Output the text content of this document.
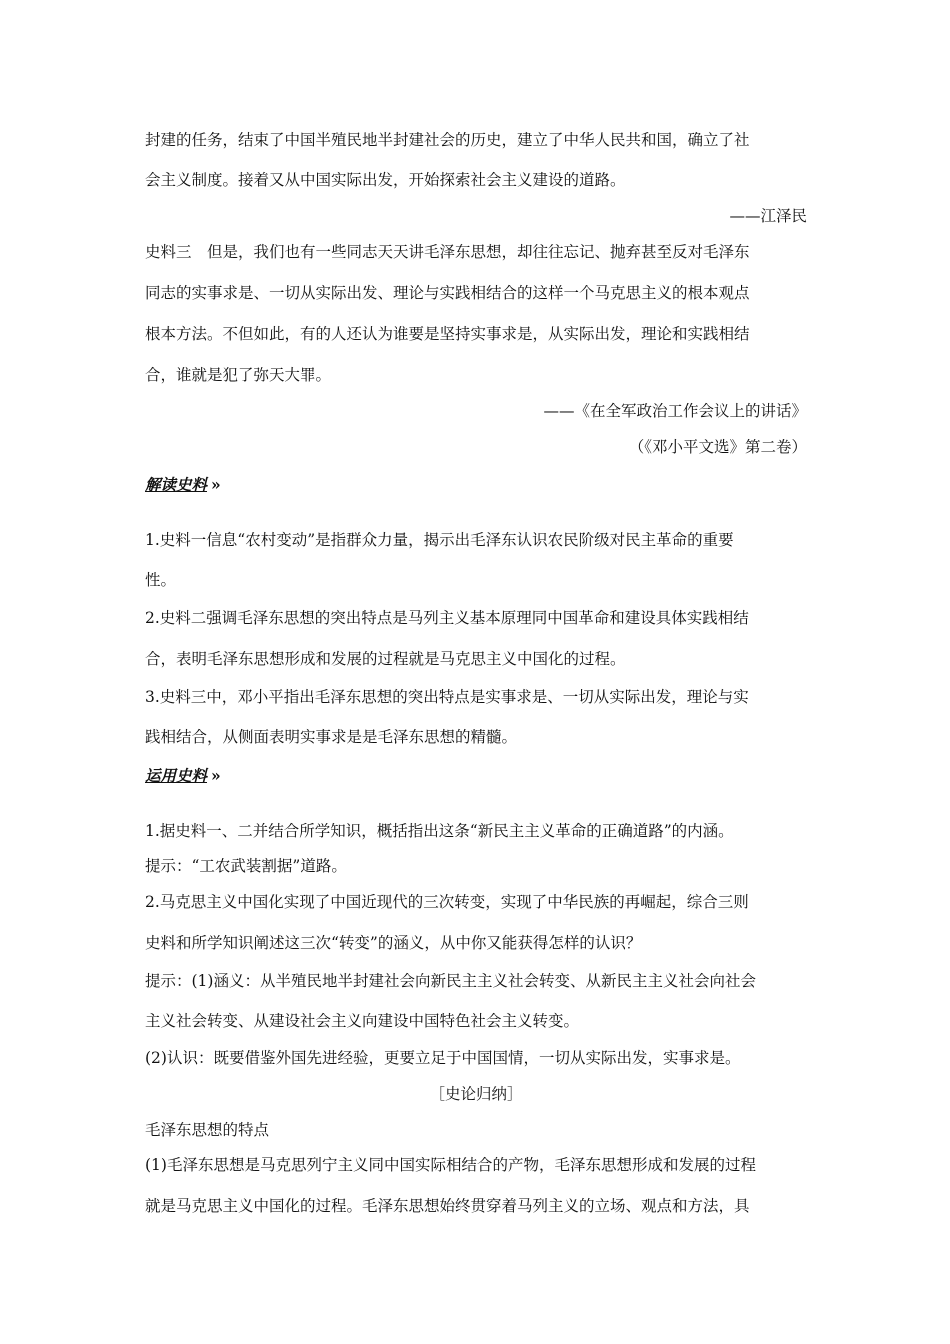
封建的任务，结束了中国半殖民地半封建社会的历史，建立了中华人民共和国，确立了社
会主义制度。接着又从中国实际出发，开始探索社会主义建设的道路。
——江泽民
史料三　但是，我们也有一些同志天天讲毛泽东思想，却往往忘记、抛弃甚至反对毛泽东
同志的实事求是、一切从实际出发、理论与实践相结合的这样一个马克思主义的根本观点
根本方法。不但如此，有的人还认为谁要是坚持实事求是，从实际出发，理论和实践相结
合，谁就是犯了弥天大罪。
——《在全军政治工作会议上的讲话》
（《邓小平文选》第二卷）
解读史料 »
1.史料一信息“农村变动”是指群众力量，揭示出毛泽东认识农民阶级对民主革命的重要
性。
2.史料二强调毛泽东思想的突出特点是马列主义基本原理同中国革命和建设具体实践相结
合，表明毛泽东思想形成和发展的过程就是马克思主义中国化的过程。
3.史料三中，邓小平指出毛泽东思想的突出特点是实事求是、一切从实际出发，理论与实
践相结合，从侧面表明实事求是是毛泽东思想的精髓。
运用史料 »
1.据史料一、二并结合所学知识，概括指出这条“新民主主义革命的正确道路”的内涵。
提示：“工农武装割据”道路。
2.马克思主义中国化实现了中国近现代的三次转变，实现了中华民族的再崛起，综合三则
史料和所学知识阐述这三次“转变”的涵义，从中你又能获得怎样的认识？
提示：(1)涵义：从半殖民地半封建社会向新民主主义社会转变、从新民主主义社会向社会
主义社会转变、从建设社会主义向建设中国特色社会主义转变。
(2)认识：既要借鉴外国先进经验，更要立足于中国国情，一切从实际出发，实事求是。
［史论归纳］
毛泽东思想的特点
(1)毛泽东思想是马克思列宁主义同中国实际相结合的产物，毛泽东思想形成和发展的过程
就是马克思主义中国化的过程。毛泽东思想始终贯穿着马列主义的立场、观点和方法，具
